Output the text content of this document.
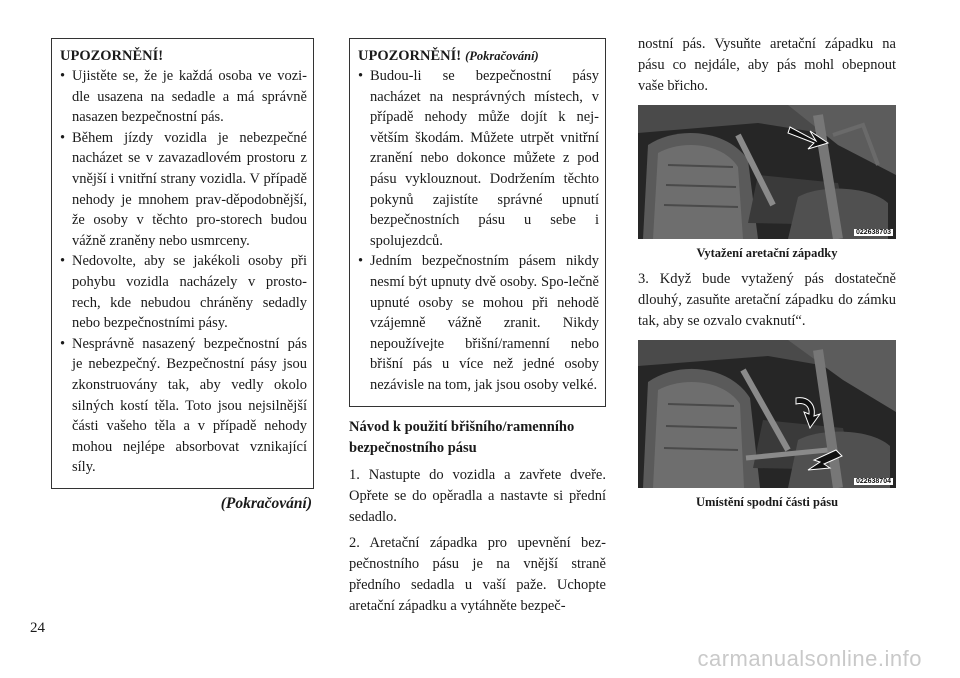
UPOZORNĚNÍ!
• Ujistěte se, že je každá osoba ve vozi-dle usazena na sedadle a má správně nasazen bezpečnostní pás.
• Během jízdy vozidla je nebezpečné nacházet se v zavazadlovém prostoru z vnější i vnitřní strany vozidla. V případě nehody je mnohem prav-děpodobnější, že osoby v těchto pro-storech budou vážně zraněny nebo usmrceny.
• Nedovolte, aby se jakékoli osoby při pohybu vozidla nacházely v prosto-rech, kde nebudou chráněny sedadly nebo bezpečnostními pásy.
• Nesprávně nasazený bezpečnostní pás je nebezpečný. Bezpečnostní pásy jsou zkonstruovány tak, aby vedly okolo silných kostí těla. Toto jsou nejsilnější části vašeho těla a v případě nehody mohou nejlépe absorbovat vznikající síly.
(Pokračování)
UPOZORNĚNÍ! (Pokračování)
• Budou-li se bezpečnostní pásy nacházet na nesprávných místech, v případě nehody může dojít k nej-větším škodám. Můžete utrpět vnitřní zranění nebo dokonce můžete z pod pásu vyklouznout. Dodržením těchto pokynů zajistíte správné upnutí bezpečnostních pásu u sebe i spolujezdců.
• Jedním bezpečnostním pásem nikdy nesmí být upnuty dvě osoby. Spo-lečně upnuté osoby se mohou při nehodě vzájemně vážně zranit. Nikdy nepoužívejte břišní/ramenní nebo břišní pás u více než jedné osoby nezávisle na tom, jak jsou osoby velké.
Návod k použití břišního/ramenního bezpečnostního pásu

1. Nastupte do vozidla a zavřete dveře. Opřete se do opěradla a nastavte si přední sedadlo.

2. Aretační západka pro upevnění bez-pečnostního pásu je na vnější straně předního sedadla u vaší paže. Uchopte aretační západku a vytáhněte bezpeč-

nostní pás. Vysuňte aretační západku na pásu co nejdále, aby pás mohl obepnout vaše břicho.

022638703
Vytažení aretační západky

3. Když bude vytažený pás dostatečně dlouhý, zasuňte aretační západku do zámku tak, aby se ozvalo cvaknutí“.

022638704
Umístění spodní části pásu
24
carmanualsonline.info
